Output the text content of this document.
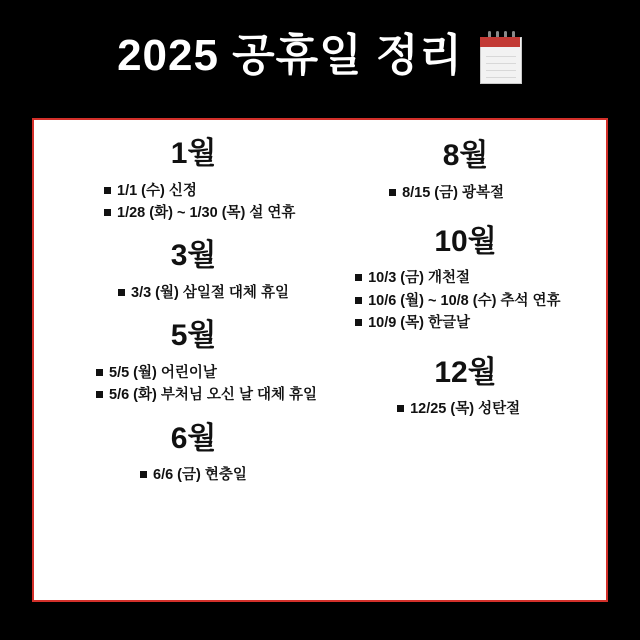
2025 공휴일 정리
1월
1/1 (수) 신정
1/28 (화) ~ 1/30 (목) 설 연휴
3월
3/3 (월) 삼일절 대체 휴일
5월
5/5 (월) 어린이날
5/6 (화) 부처님 오신 날 대체 휴일
6월
6/6 (금) 현충일
8월
8/15 (금) 광복절
10월
10/3 (금) 개천절
10/6 (월) ~ 10/8 (수) 추석 연휴
10/9 (목) 한글날
12월
12/25 (목) 성탄절
